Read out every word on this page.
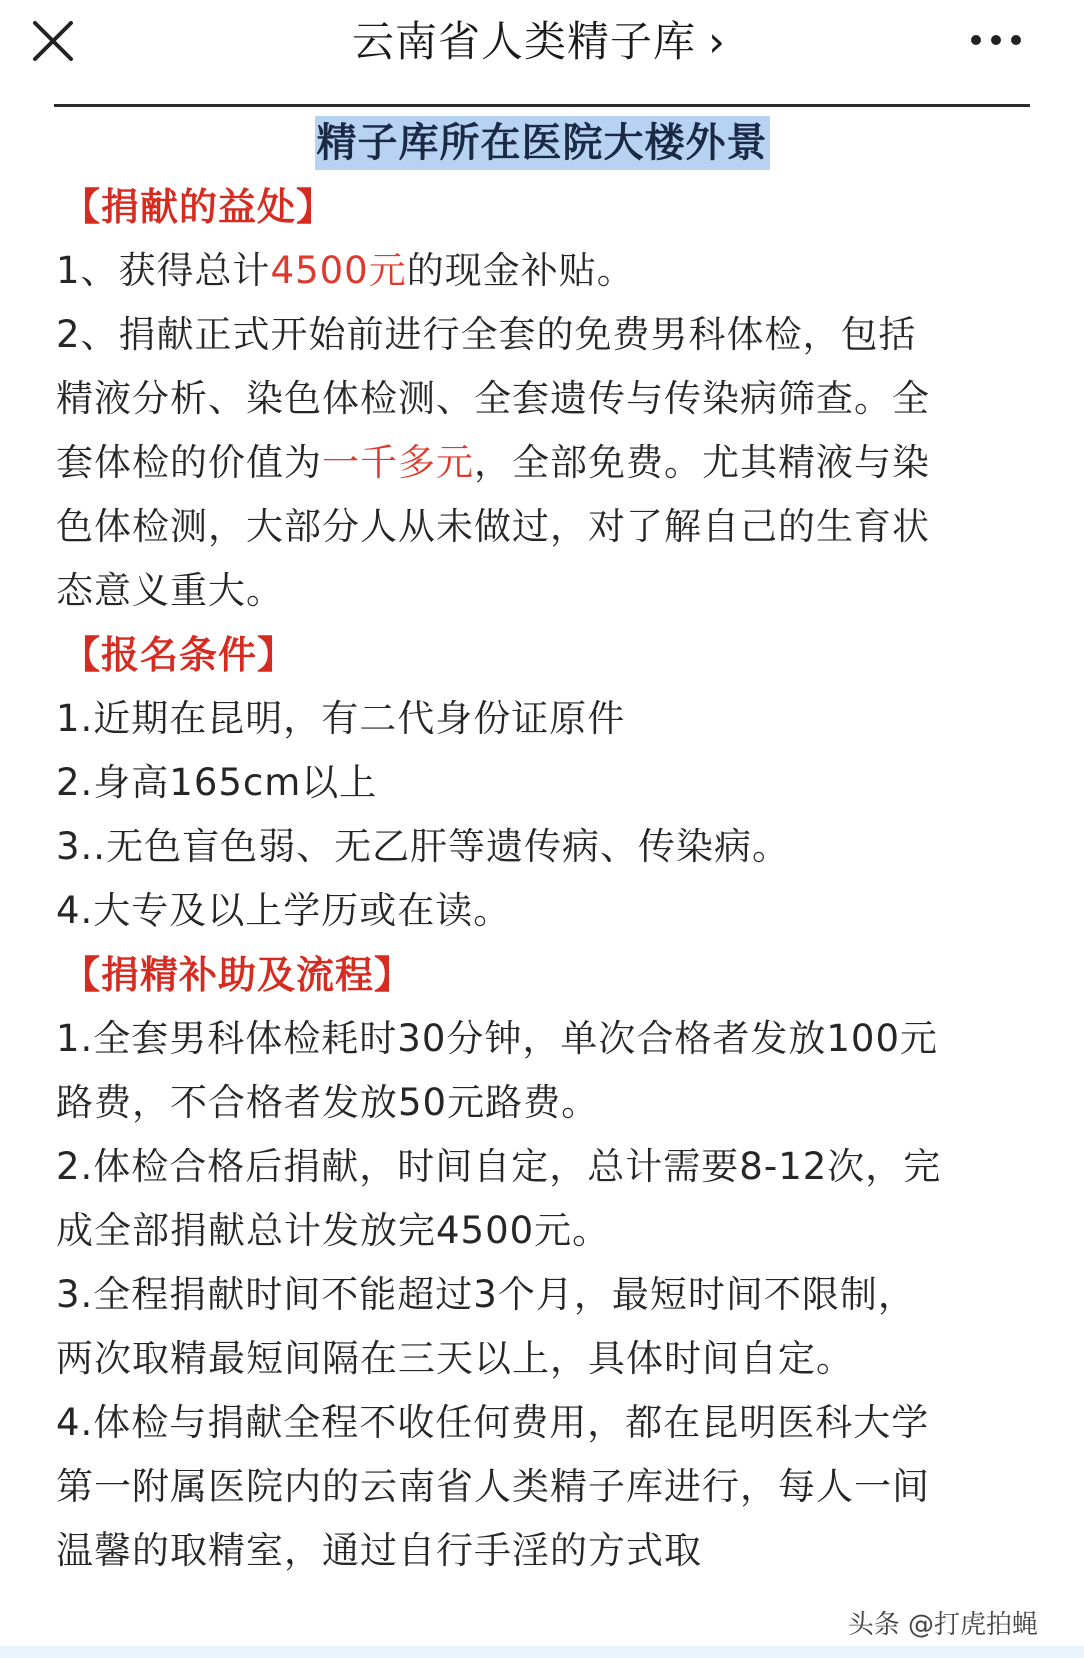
云南省人类精子库 ›
精子库所在医院大楼外景
【捐献的益处】
1、获得总计4500元的现金补贴。
2、捐献正式开始前进行全套的免费男科体检，包括
精液分析、染色体检测、全套遗传与传染病筛查。全
套体检的价值为一千多元，全部免费。尤其精液与染
色体检测，大部分人从未做过，对了解自己的生育状
态意义重大。
【报名条件】
1.近期在昆明，有二代身份证原件
2.身高165cm以上
3..无色盲色弱、无乙肝等遗传病、传染病。
4.大专及以上学历或在读。
【捐精补助及流程】
1.全套男科体检耗时30分钟，单次合格者发放100元
路费，不合格者发放50元路费。
2.体检合格后捐献，时间自定，总计需要8-12次，完
成全部捐献总计发放完4500元。
3.全程捐献时间不能超过3个月，最短时间不限制，
两次取精最短间隔在三天以上，具体时间自定。
4.体检与捐献全程不收任何费用，都在昆明医科大学
第一附属医院内的云南省人类精子库进行，每人一间
温馨的取精室，通过自行手淫的方式取
头条 @打虎拍蝇
